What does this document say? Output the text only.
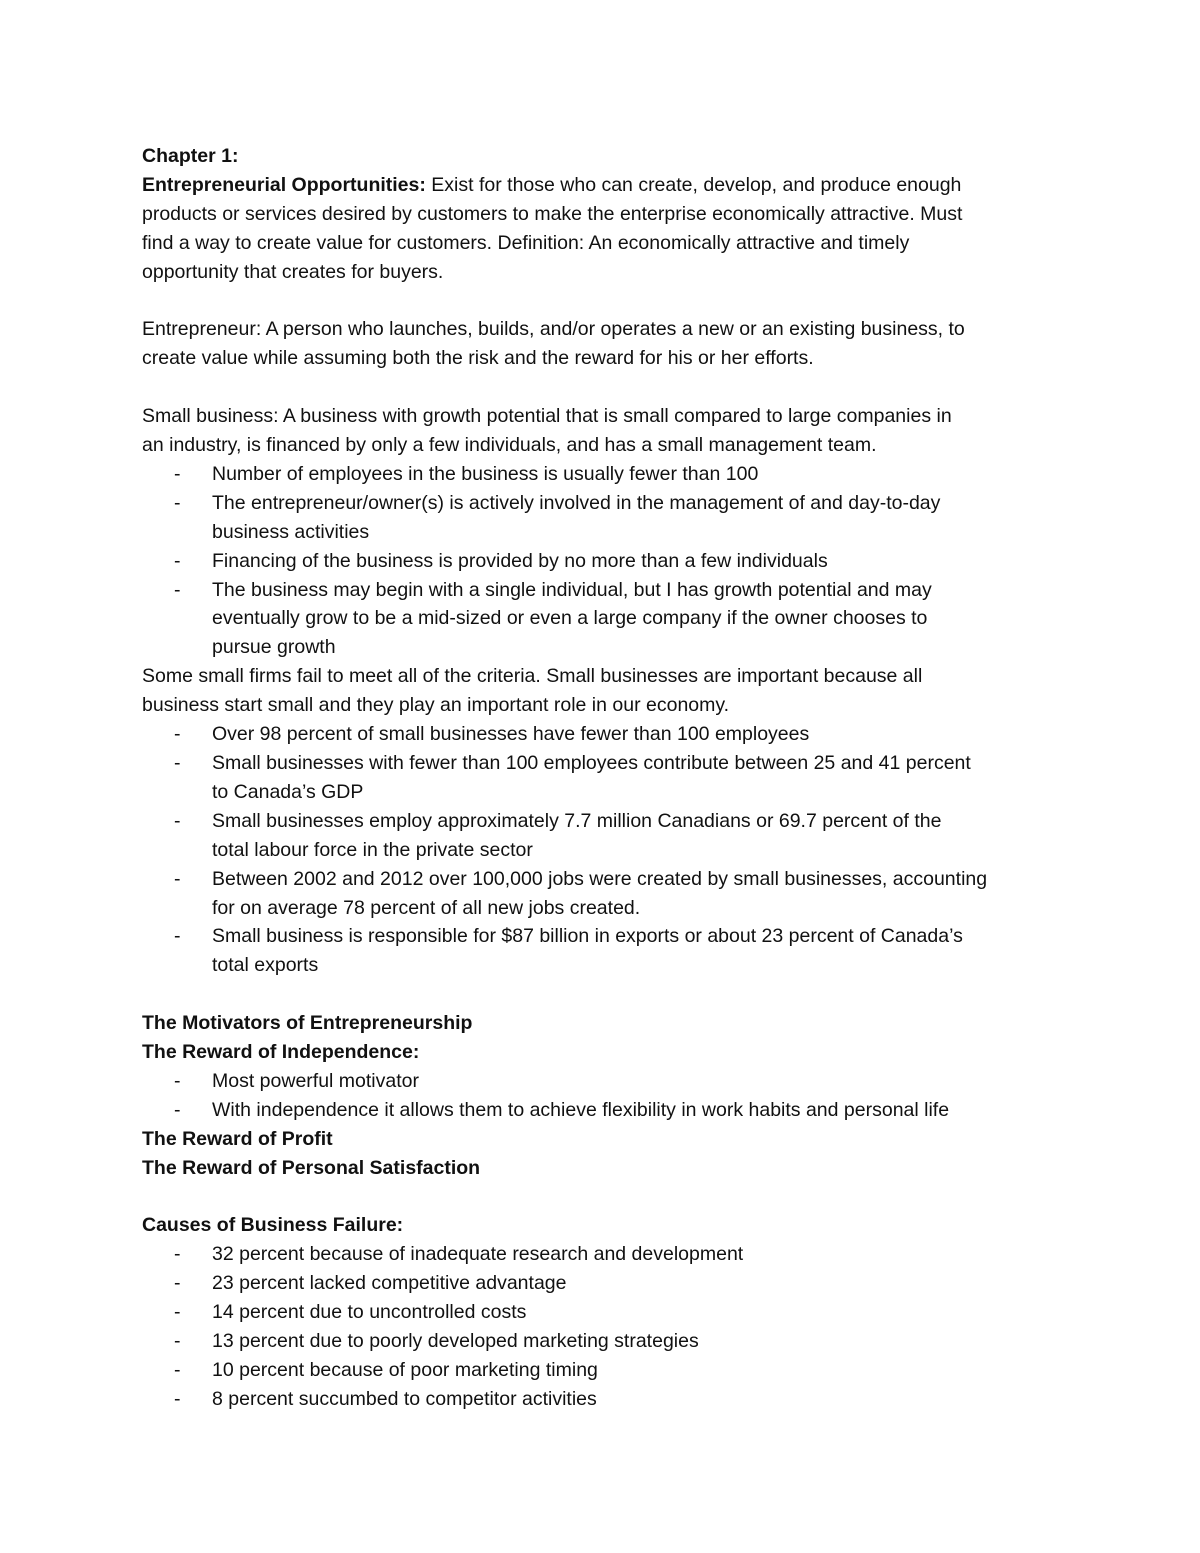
Chapter 1:
Entrepreneurial Opportunities: Exist for those who can create, develop, and produce enough
products or services desired by customers to make the enterprise economically attractive. Must
find a way to create value for customers. Definition: An economically attractive and timely
opportunity that creates for buyers.
Entrepreneur: A person who launches, builds, and/or operates a new or an existing business, to
create value while assuming both the risk and the reward for his or her efforts.
Small business: A business with growth potential that is small compared to large companies in
an industry, is financed by only a few individuals, and has a small management team.
- Number of employees in the business is usually fewer than 100
- The entrepreneur/owner(s) is actively involved in the management of and day-to-day
business activities
- Financing of the business is provided by no more than a few individuals
- The business may begin with a single individual, but I has growth potential and may
eventually grow to be a mid-sized or even a large company if the owner chooses to
pursue growth
Some small firms fail to meet all of the criteria. Small businesses are important because all
business start small and they play an important role in our economy.
- Over 98 percent of small businesses have fewer than 100 employees
- Small businesses with fewer than 100 employees contribute between 25 and 41 percent
to Canada’s GDP
- Small businesses employ approximately 7.7 million Canadians or 69.7 percent of the
total labour force in the private sector
- Between 2002 and 2012 over 100,000 jobs were created by small businesses, accounting
for on average 78 percent of all new jobs created.
- Small business is responsible for $87 billion in exports or about 23 percent of Canada’s
total exports
The Motivators of Entrepreneurship
The Reward of Independence:
- Most powerful motivator
- With independence it allows them to achieve flexibility in work habits and personal life
The Reward of Profit
The Reward of Personal Satisfaction
Causes of Business Failure:
- 32 percent because of inadequate research and development
- 23 percent lacked competitive advantage
- 14 percent due to uncontrolled costs
- 13 percent due to poorly developed marketing strategies
- 10 percent because of poor marketing timing
- 8 percent succumbed to competitor activities
